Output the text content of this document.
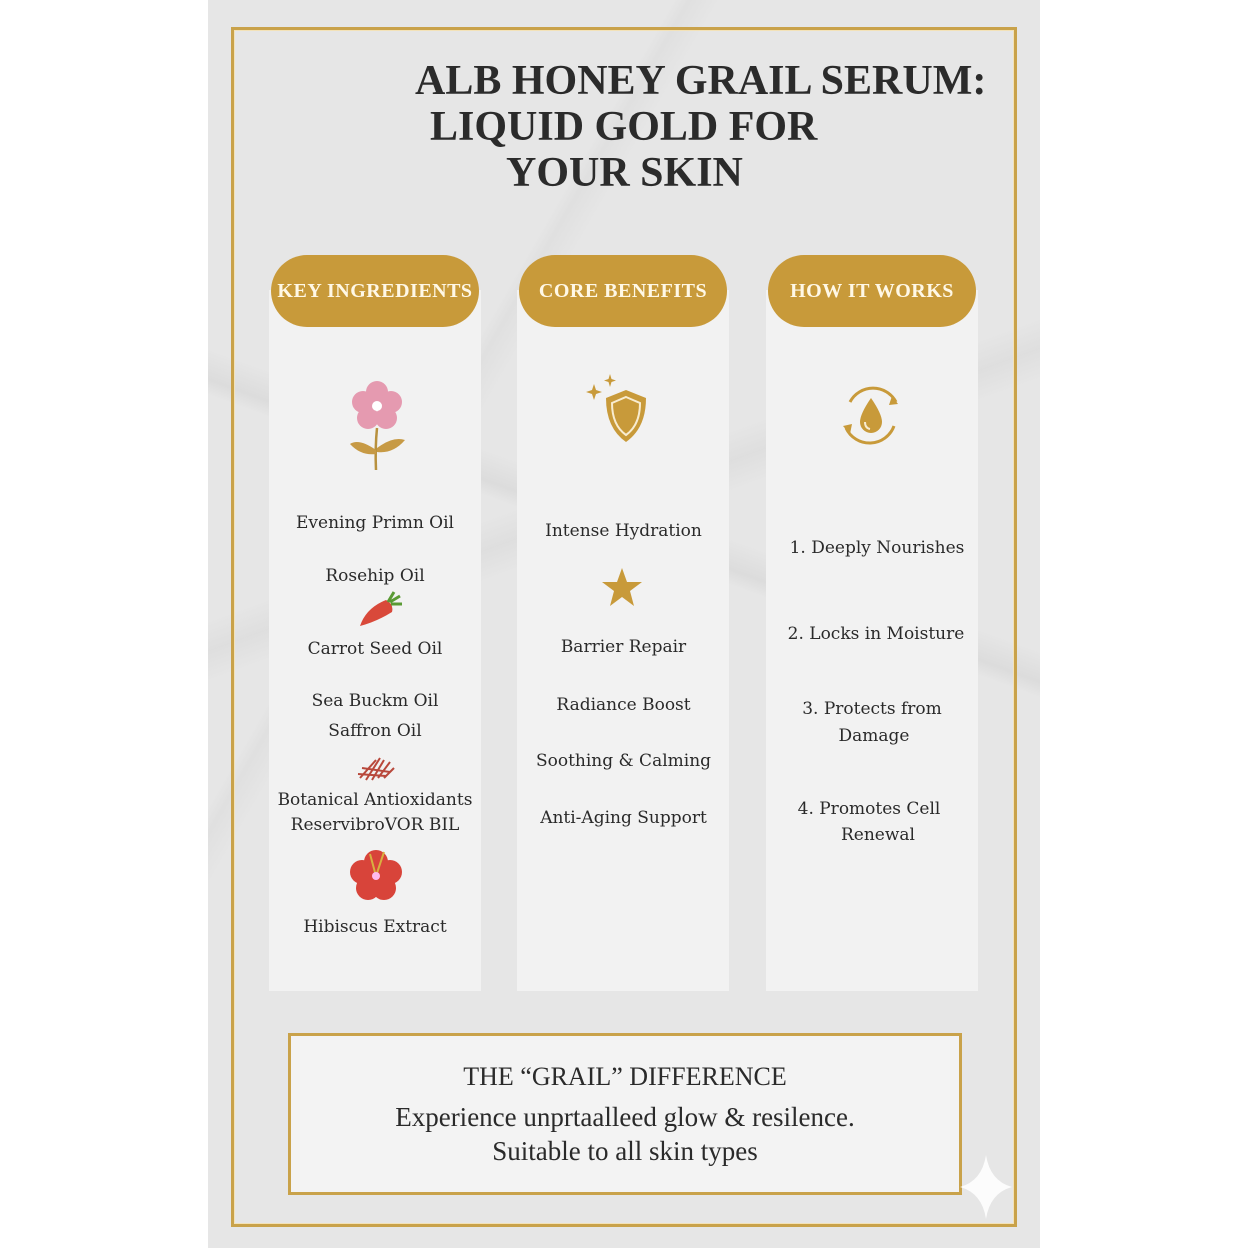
ALB HONEY GRAIL SERUM:
LIQUID GOLD FOR
YOUR SKIN
KEY INGREDIENTS	CORE BENEFITS	HOW IT WORKS
Evening Primn Oil
Rosehip Oil
Carrot Seed Oil
Sea Buckm Oil
Saffron Oil
Botanical Antioxidants
ReservibroVOR BIL
Hibiscus Extract
Intense Hydration
Barrier Repair
Radiance Boost
Soothing & Calming
Anti-Aging Support
1. Deeply Nourishes
2. Locks in Moisture
3. Protects from
Damage
4. Promotes Cell
Renewal
THE “GRAIL” DIFFERENCE
Experience unprtaalleed glow & resilence.
Suitable to all skin types
